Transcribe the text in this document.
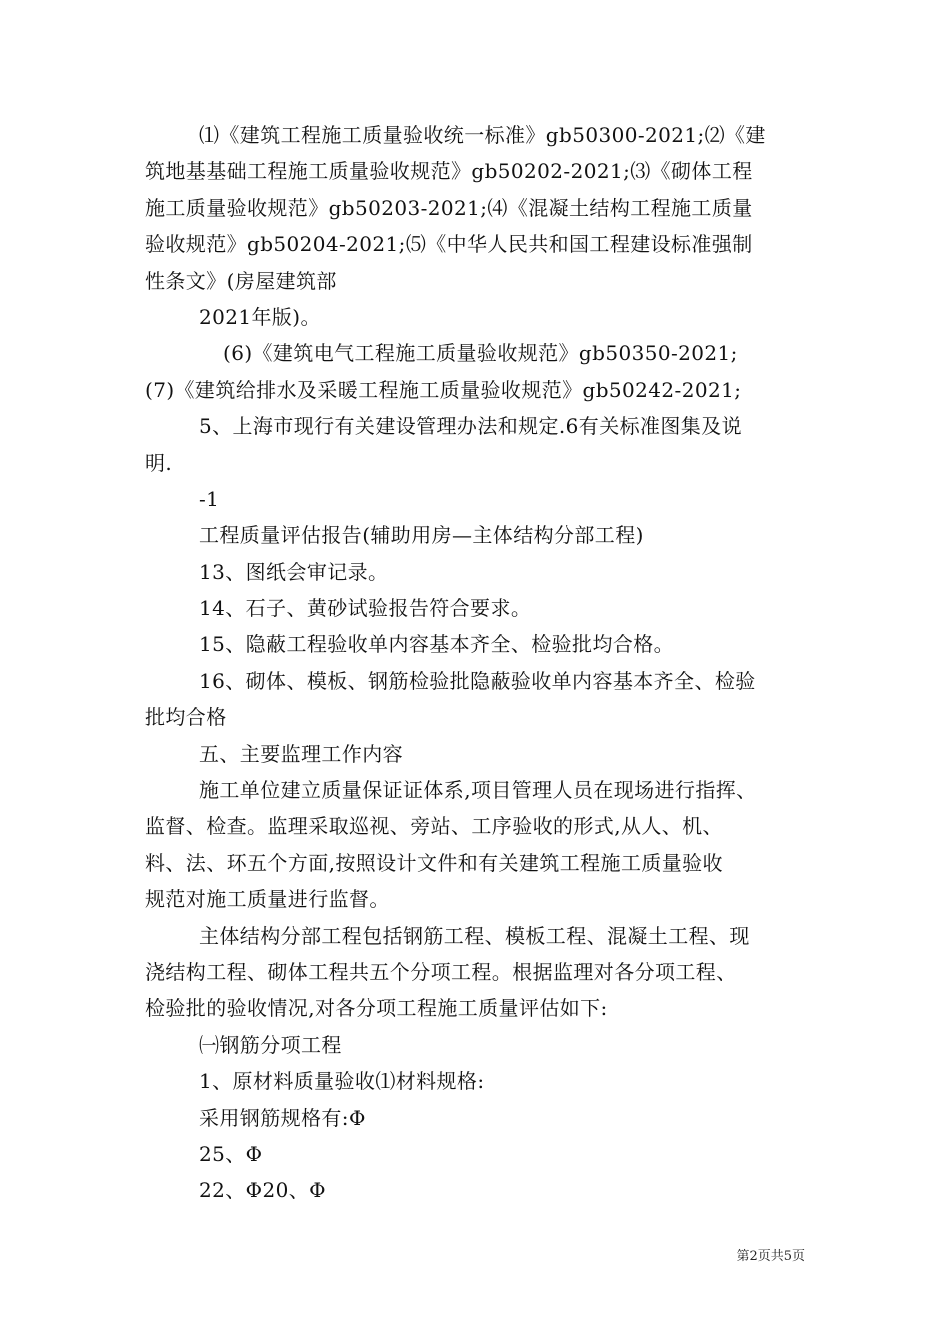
⑴《建筑工程施工质量验收统一标准》gb50300-2021;⑵《建
筑地基基础工程施工质量验收规范》gb50202-2021;⑶《砌体工程
施工质量验收规范》gb50203-2021;⑷《混凝土结构工程施工质量
验收规范》gb50204-2021;⑸《中华人民共和国工程建设标准强制
性条文》(房屋建筑部
2021年版)。
(6)《建筑电气工程施工质量验收规范》gb50350-2021;
(7)《建筑给排水及采暖工程施工质量验收规范》gb50242-2021;
5、上海市现行有关建设管理办法和规定.6有关标准图集及说
明.
-1
工程质量评估报告(辅助用房—主体结构分部工程)
13、图纸会审记录。
14、石子、黄砂试验报告符合要求。
15、隐蔽工程验收单内容基本齐全、检验批均合格。
16、砌体、模板、钢筋检验批隐蔽验收单内容基本齐全、检验
批均合格
五、主要监理工作内容
施工单位建立质量保证证体系,项目管理人员在现场进行指挥、
监督、检查。监理采取巡视、旁站、工序验收的形式,从人、机、
料、法、环五个方面,按照设计文件和有关建筑工程施工质量验收
规范对施工质量进行监督。
主体结构分部工程包括钢筋工程、模板工程、混凝土工程、现
浇结构工程、砌体工程共五个分项工程。根据监理对各分项工程、
检验批的验收情况,对各分项工程施工质量评估如下:
㈠钢筋分项工程
1、原材料质量验收⑴材料规格:
采用钢筋规格有:Φ
25、Φ
22、Φ20、Φ
第2页共5页
